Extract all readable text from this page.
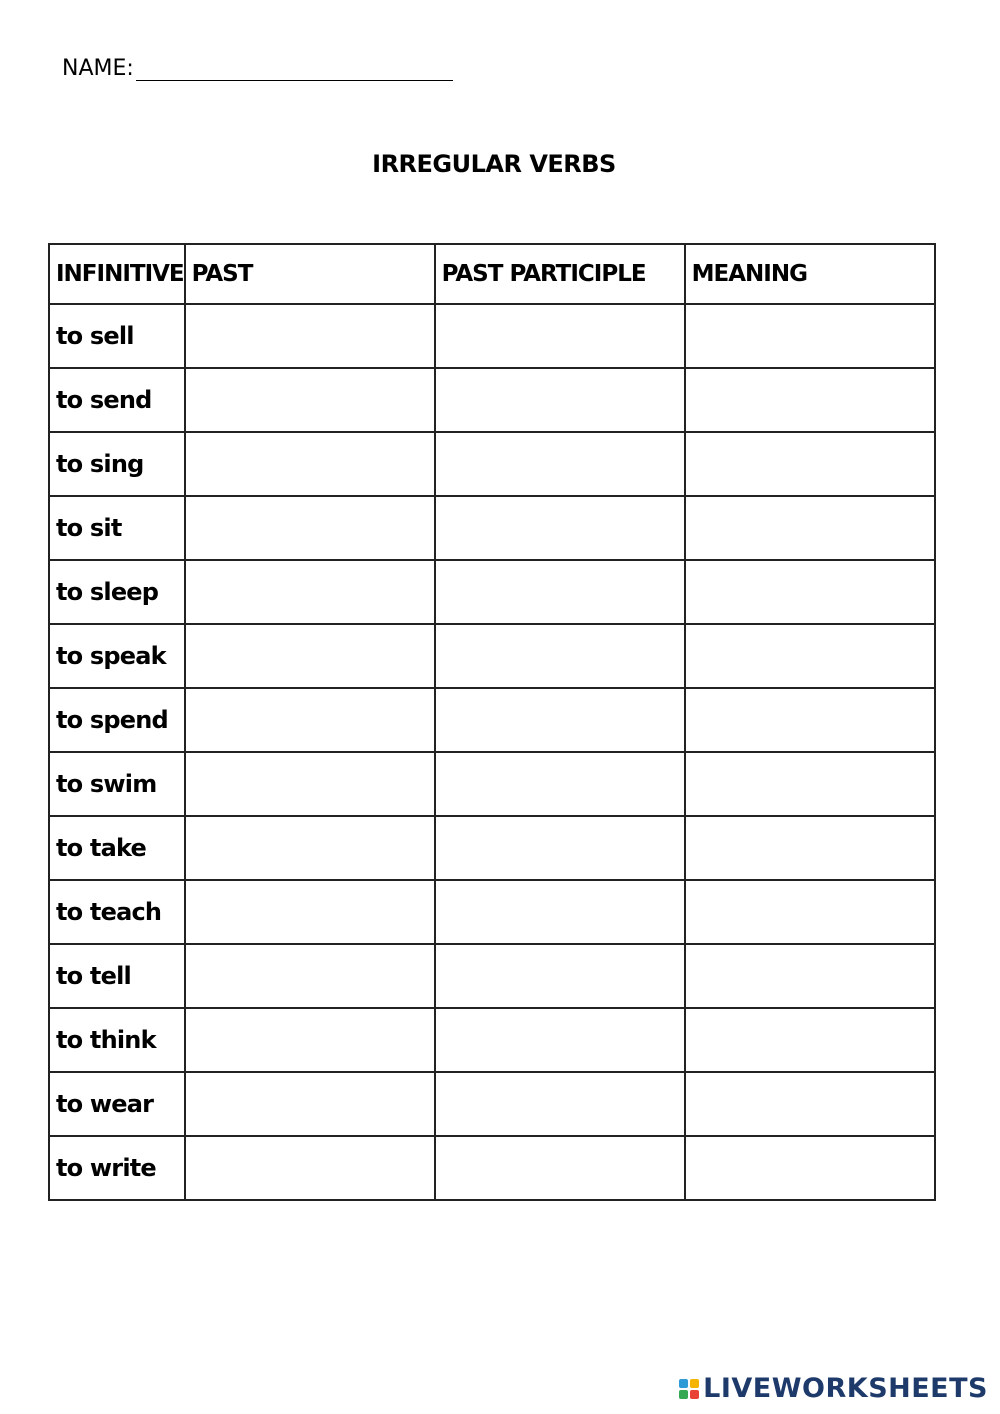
NAME:
IRREGULAR VERBS
INFINITIVE	PAST	PAST PARTICIPLE	MEANING
to sell			
to send			
to sing			
to sit			
to sleep			
to speak			
to spend			
to swim			
to take			
to teach			
to tell			
to think			
to wear			
to write			
LIVEWORKSHEETS
